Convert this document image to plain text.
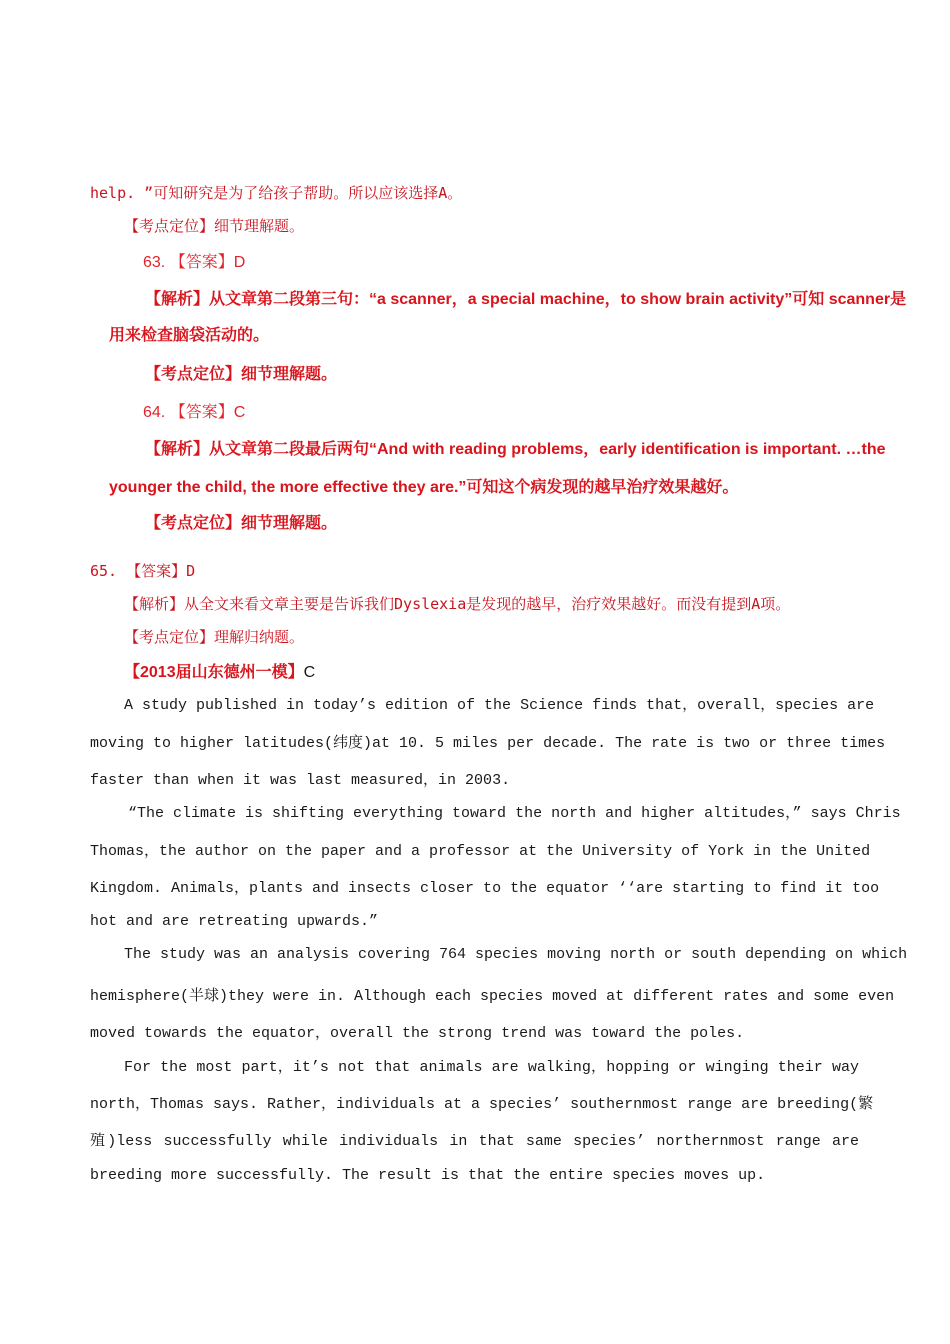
help. ”可知研究是为了给孩子帮助。所以应该选择A。
【考点定位】细节理解题。
63. 【答案】D
【解析】从文章第二段第三句：“a scanner，a special machine，to show brain activity”可知 scanner是
用来检查脑袋活动的。
【考点定位】细节理解题。
64. 【答案】C
【解析】从文章第二段最后两句“And with reading problems，early identification is important. …the
younger the child, the more effective they are.”可知这个病发现的越早治疗效果越好。
【考点定位】细节理解题。
65. 【答案】D
【解析】从全文来看文章主要是告诉我们Dyslexia是发现的越早，治疗效果越好。而没有提到A项。
【考点定位】理解归纳题。
【2013届山东德州一模】C
A study published in today’s edition of the Science finds that，overall，species are
moving to higher latitudes(纬度)at 10. 5 miles per decade. The rate is two or three times
faster than when it was last measured，in 2003.
“The climate is shifting everything toward the north and higher altitudes，” says Chris
Thomas，the author on the paper and a professor at the University of York in the United
Kingdom. Animals，plants and insects closer to the equator ‘‘are starting to find it too
hot and are retreating upwards.”
The study was an analysis covering 764 species moving north or south depending on which
hemisphere(半球)they were in. Although each species moved at different rates and some even
moved towards the equator，overall the strong trend was toward the poles.
For the most part，it’s not that animals are walking，hopping or winging their way
north，Thomas says. Rather，individuals at a species’ southernmost range are breeding(繁
殖)less successfully while individuals in that same species’ northernmost range are
breeding more successfully. The result is that the entire species moves up.
